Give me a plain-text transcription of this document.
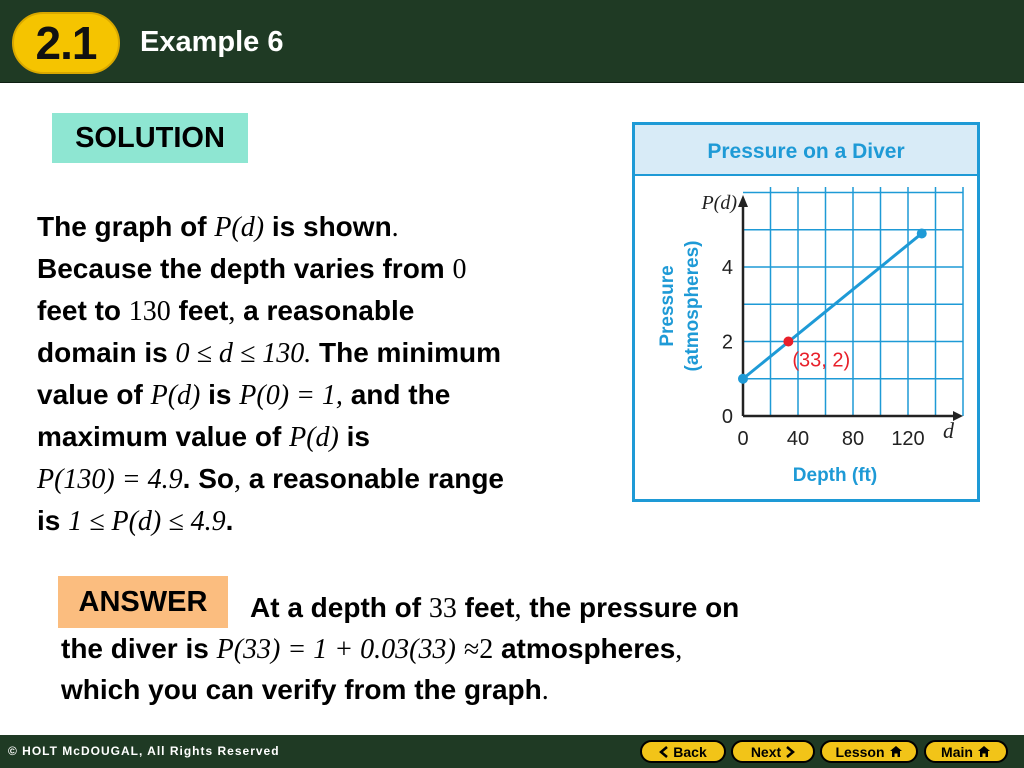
2.1	Example 6
SOLUTION
The graph of P(d) is shown.
Because the depth varies from 0
feet to 130 feet, a reasonable
domain is 0 ≤ d ≤ 130. The minimum
value of P(d) is P(0) = 1, and the
maximum value of P(d) is
P(130) = 4.9. So, a reasonable range
is 1 ≤ P(d) ≤ 4.9.
Pressure on a Diver
0 40 80 120
0
2
4
Pressure (atmospheres)
Depth (ft)
P(d)
d
(33, 2)
ANSWER	At a depth of 33 feet, the pressure on
the diver is P(33) = 1 + 0.03(33) ≈2 atmospheres,
which you can verify from the graph.
© HOLT McDOUGAL, All Rights Reserved	Back	Next	Lesson	Main
